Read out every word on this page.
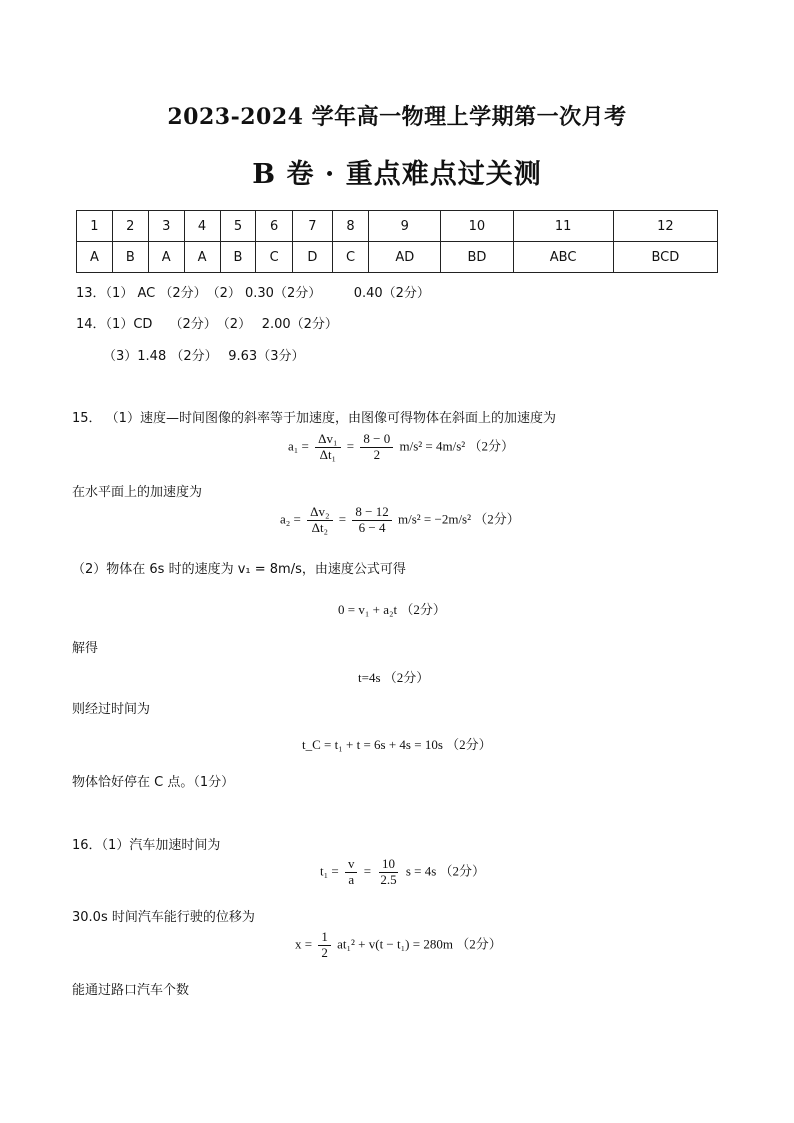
2023-2024 学年高一物理上学期第一次月考
B 卷 · 重点难点过关测
1	2	3	4	5	6	7	8	9	10	11	12
A	B	A	A	B	C	D	C	AD	BD	ABC	BCD
13．（1） AC （2分）　（2） 0.30（2分）　　　0.40（2分）
14．（1）CD　 （2分）　（2）　 2.00（2分）
（3）1.48 （2分）　 9.63（3分）
15． （1）速度—时间图像的斜率等于加速度，由图像可得物体在斜面上的加速度为
$a_1 = \frac{\text{Δv₁}}{\text{Δt₁}} = \frac{8 - 0}{2} m/s^2 = 4m/s^2$ （2分）
在水平面上的加速度为
$a_2 = \frac{\text{Δv₂}}{\text{Δt₂}} = \frac{8 - 12}{6 - 4} m/s^2 = -2m/s^2$ （2分）
（2）物体在 6s 时的速度为 v₁ = 8m/s，由速度公式可得
0 = v₁ + a₂t （2分）
解得
t=4s （2分）
则经过时间为
t_C = t₁ + t = 6s + 4s = 10s （2分）
物体恰好停在 C 点。（1分）
16．（1）汽车加速时间为
$t_1 = \frac{v}{a} = \frac{10}{2.5}$ s = 4s （2分）
30.0s 时间汽车能行驶的位移为
$x = \frac{1}{2} at_1^2 + v(t - t_1) = 280m$ （2分）
能通过路口汽车个数
